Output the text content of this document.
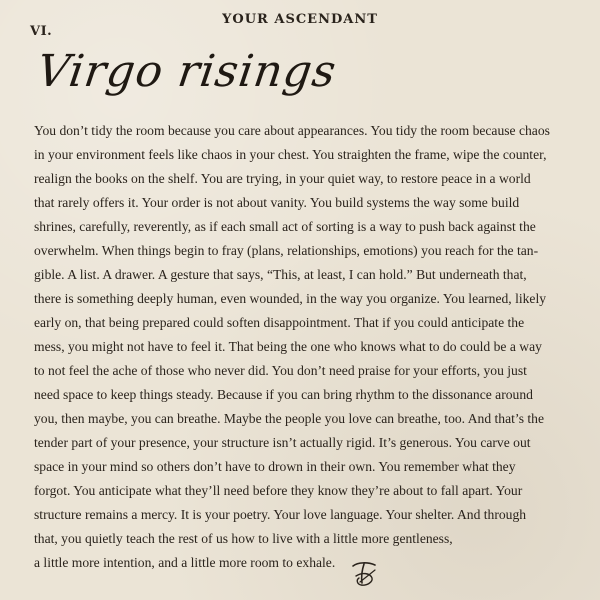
YOUR ASCENDANT
VI.
Virgo risings
You don’t tidy the room because you care about appearances. You tidy the room because chaos
in your environment feels like chaos in your chest. You straighten the frame, wipe the counter,
realign the books on the shelf. You are trying, in your quiet way, to restore peace in a world
that rarely offers it. Your order is not about vanity. You build systems the way some build
shrines, carefully, reverently, as if each small act of sorting is a way to push back against the
overwhelm. When things begin to fray (plans, relationships, emotions) you reach for the tan-
gible. A list. A drawer. A gesture that says, “This, at least, I can hold.” But underneath that,
there is something deeply human, even wounded, in the way you organize. You learned, likely
early on, that being prepared could soften disappointment. That if you could anticipate the
mess, you might not have to feel it. That being the one who knows what to do could be a way
to not feel the ache of those who never did. You don’t need praise for your efforts, you just
need space to keep things steady. Because if you can bring rhythm to the dissonance around
you, then maybe, you can breathe. Maybe the people you love can breathe, too. And that’s the
tender part of your presence, your structure isn’t actually rigid. It’s generous. You carve out
space in your mind so others don’t have to drown in their own. You remember what they
forgot. You anticipate what they’ll need before they know they’re about to fall apart. Your
structure remains a mercy. It is your poetry. Your love language. Your shelter. And through
that, you quietly teach the rest of us how to live with a little more gentleness,
a little more intention, and a little more room to exhale.
